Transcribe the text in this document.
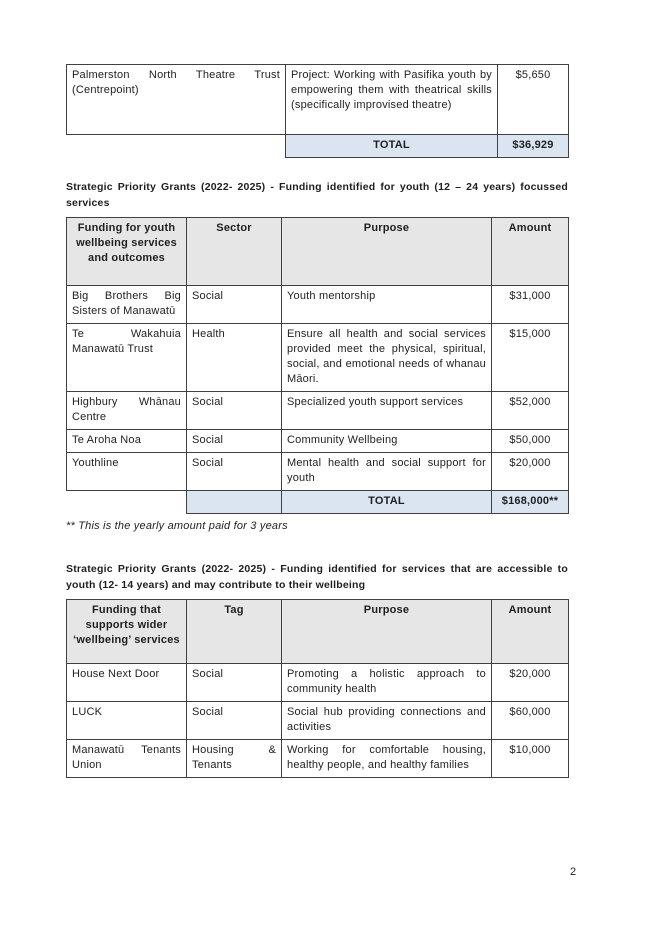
Palmerston North Theatre Trust (Centrepoint)	Project: Working with Pasifika youth by empowering them with theatrical skills (specifically improvised theatre)	$5,650
	TOTAL	$36,929

Strategic Priority Grants (2022- 2025) - Funding identified for youth (12 – 24 years) focussed services

Funding for youth wellbeing services and outcomes	Sector	Purpose	Amount
Big Brothers Big Sisters of Manawatū	Social	Youth mentorship	$31,000
Te Wakahuia Manawatū Trust	Health	Ensure all health and social services provided meet the physical, spiritual, social, and emotional needs of whanau Māori.	$15,000
Highbury Whānau Centre	Social	Specialized youth support services	$52,000
Te Aroha Noa	Social	Community Wellbeing	$50,000
Youthline	Social	Mental health and social support for youth	$20,000
		TOTAL	$168,000**

** This is the yearly amount paid for 3 years

Strategic Priority Grants (2022- 2025) - Funding identified for services that are accessible to youth (12- 14 years) and may contribute to their wellbeing

Funding that supports wider ‘wellbeing’ services	Tag	Purpose	Amount
House Next Door	Social	Promoting a holistic approach to community health	$20,000
LUCK	Social	Social hub providing connections and activities	$60,000
Manawatū Tenants Union	Housing & Tenants	Working for comfortable housing, healthy people, and healthy families	$10,000
2
